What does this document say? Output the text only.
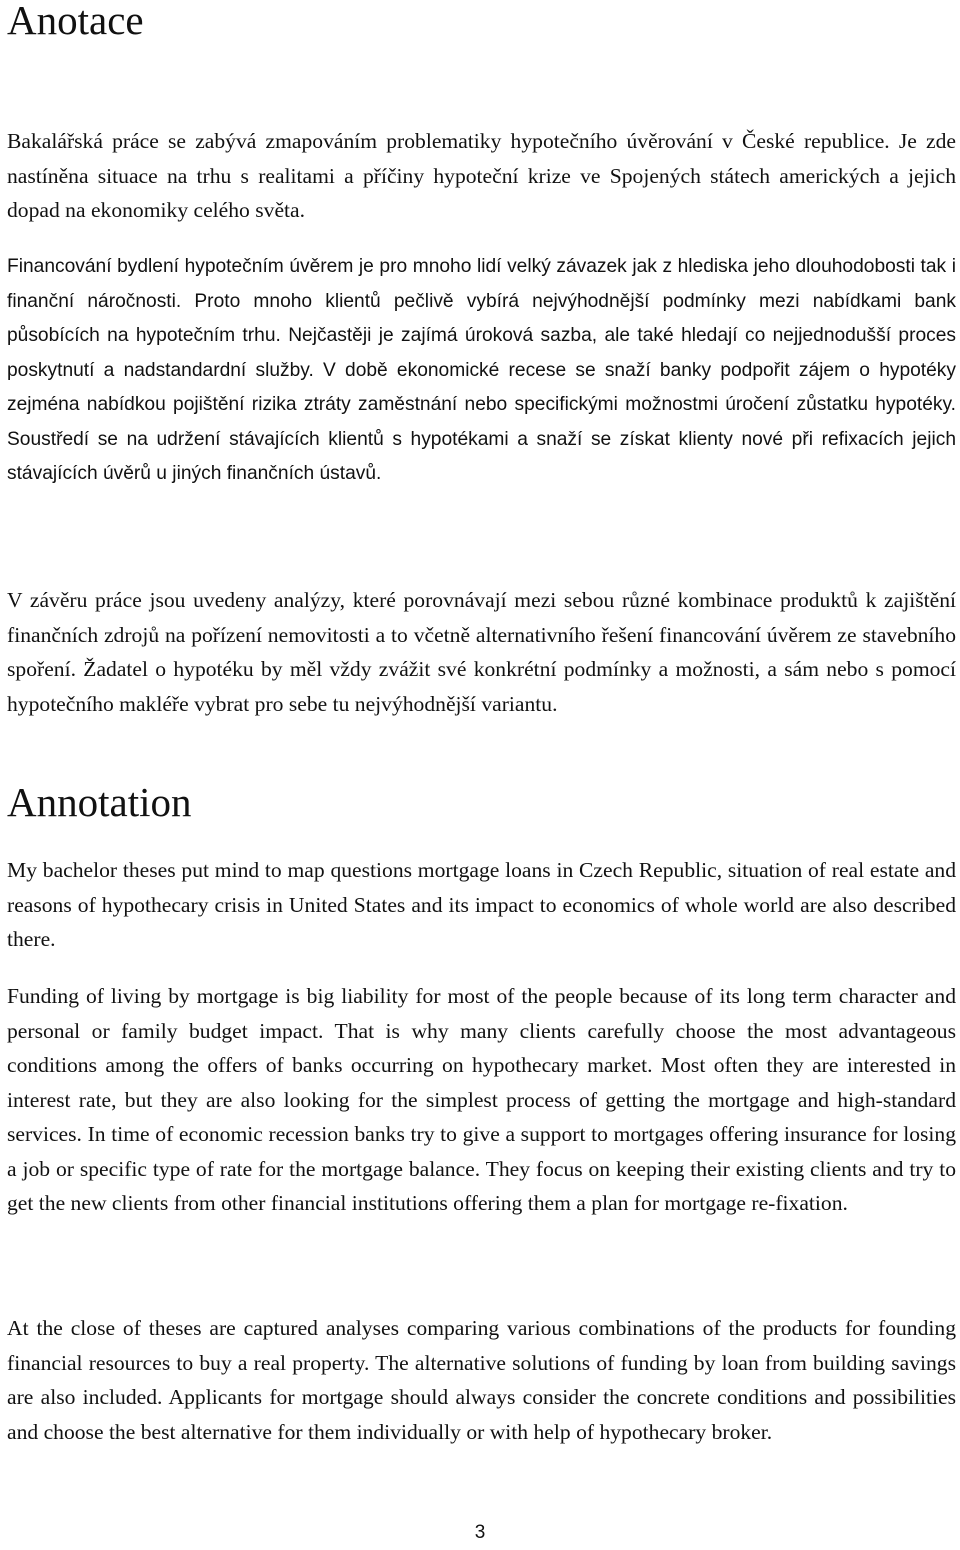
Anotace

Bakalářská práce se zabývá zmapováním problematiky hypotečního úvěrování v České republice. Je zde nastíněna situace na trhu s realitami a příčiny hypoteční krize ve Spojených státech amerických a jejich dopad na ekonomiky celého světa.

Financování bydlení hypotečním úvěrem je pro mnoho lidí velký závazek jak z hlediska jeho dlouhodobosti tak i finanční náročnosti. Proto mnoho klientů pečlivě vybírá nejvýhodnější podmínky mezi nabídkami bank působících na hypotečním trhu. Nejčastěji je zajímá úroková sazba, ale také hledají co nejjednodušší proces poskytnutí a nadstandardní služby. V době ekonomické recese se snaží banky podpořit zájem o hypotéky zejména nabídkou pojištění rizika ztráty zaměstnání nebo specifickými možnostmi úročení zůstatku hypotéky. Soustředí se na udržení stávajících klientů s hypotékami a snaží se získat klienty nové při refixacích jejich stávajících úvěrů u jiných finančních ústavů.

V závěru práce jsou uvedeny analýzy, které porovnávají mezi sebou různé kombinace produktů k zajištění finančních zdrojů na pořízení nemovitosti a to včetně alternativního řešení financování úvěrem ze stavebního spoření. Žadatel o hypotéku by měl vždy zvážit své konkrétní podmínky a možnosti, a sám nebo s pomocí hypotečního makléře vybrat pro sebe tu nejvýhodnější variantu.

Annotation

My bachelor theses put mind to map questions mortgage loans in Czech Republic, situation of real estate and reasons of hypothecary crisis in United States and its impact to economics of whole world are also described there.

Funding of living by mortgage is big liability for most of the people because of its long term character and personal or family budget impact. That is why many clients carefully choose the most advantageous conditions among the offers of banks occurring on hypothecary market. Most often they are interested in interest rate, but they are also looking for the simplest process of getting the mortgage and high-standard services. In time of economic recession banks try to give a support to mortgages offering insurance for losing a job or specific type of rate for the mortgage balance. They focus on keeping their existing clients and try to get the new clients from other financial institutions offering them a plan for mortgage re-fixation.

At the close of theses are captured analyses comparing various combinations of the products for founding financial resources to buy a real property. The alternative solutions of funding by loan from building savings are also included. Applicants for mortgage should always consider the concrete conditions and possibilities and choose the best alternative for them individually or with help of hypothecary broker.

3
